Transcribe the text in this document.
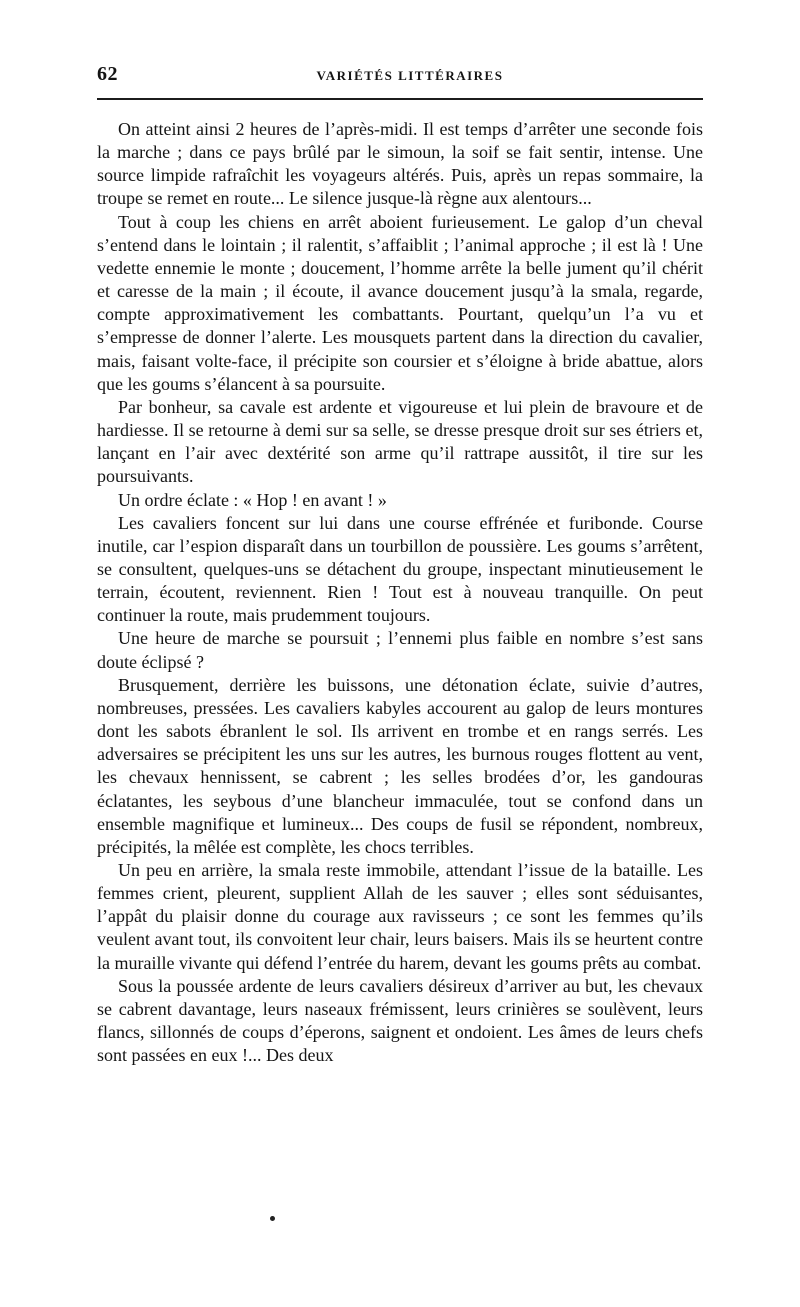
62	VARIÉTÉS LITTÉRAIRES

On atteint ainsi 2 heures de l’après-midi. Il est temps d’arrêter une seconde fois la marche ; dans ce pays brûlé par le simoun, la soif se fait sentir, intense. Une source limpide rafraîchit les voyageurs altérés. Puis, après un repas sommaire, la troupe se remet en route... Le silence jusque-là règne aux alentours...

Tout à coup les chiens en arrêt aboient furieusement. Le galop d’un cheval s’entend dans le lointain ; il ralentit, s’affaiblit ; l’animal approche ; il est là ! Une vedette ennemie le monte ; doucement, l’homme arrête la belle jument qu’il chérit et caresse de la main ; il écoute, il avance doucement jusqu’à la smala, regarde, compte approximativement les combattants. Pourtant, quelqu’un l’a vu et s’empresse de donner l’alerte. Les mousquets partent dans la direction du cavalier, mais, faisant volte-face, il précipite son coursier et s’éloigne à bride abattue, alors que les goums s’élancent à sa poursuite.

Par bonheur, sa cavale est ardente et vigoureuse et lui plein de bravoure et de hardiesse. Il se retourne à demi sur sa selle, se dresse presque droit sur ses étriers et, lançant en l’air avec dextérité son arme qu’il rattrape aussitôt, il tire sur les poursuivants.

Un ordre éclate : « Hop ! en avant ! »

Les cavaliers foncent sur lui dans une course effrénée et furibonde. Course inutile, car l’espion disparaît dans un tourbillon de poussière. Les goums s’arrêtent, se consultent, quelques-uns se détachent du groupe, inspectant minutieusement le terrain, écoutent, reviennent. Rien ! Tout est à nouveau tranquille. On peut continuer la route, mais prudemment toujours.

Une heure de marche se poursuit ; l’ennemi plus faible en nombre s’est sans doute éclipsé ?

Brusquement, derrière les buissons, une détonation éclate, suivie d’autres, nombreuses, pressées. Les cavaliers kabyles accourent au galop de leurs montures dont les sabots ébranlent le sol. Ils arrivent en trombe et en rangs serrés. Les adversaires se précipitent les uns sur les autres, les burnous rouges flottent au vent, les chevaux hennissent, se cabrent ; les selles brodées d’or, les gandouras éclatantes, les seybous d’une blancheur immaculée, tout se confond dans un ensemble magnifique et lumineux... Des coups de fusil se répondent, nombreux, précipités, la mêlée est complète, les chocs terribles.

Un peu en arrière, la smala reste immobile, attendant l’issue de la bataille. Les femmes crient, pleurent, supplient Allah de les sauver ; elles sont séduisantes, l’appât du plaisir donne du courage aux ravisseurs ; ce sont les femmes qu’ils veulent avant tout, ils convoitent leur chair, leurs baisers. Mais ils se heurtent contre la muraille vivante qui défend l’entrée du harem, devant les goums prêts au combat.

Sous la poussée ardente de leurs cavaliers désireux d’arriver au but, les chevaux se cabrent davantage, leurs naseaux frémissent, leurs crinières se soulèvent, leurs flancs, sillonnés de coups d’éperons, saignent et ondoient. Les âmes de leurs chefs sont passées en eux !... Des deux
